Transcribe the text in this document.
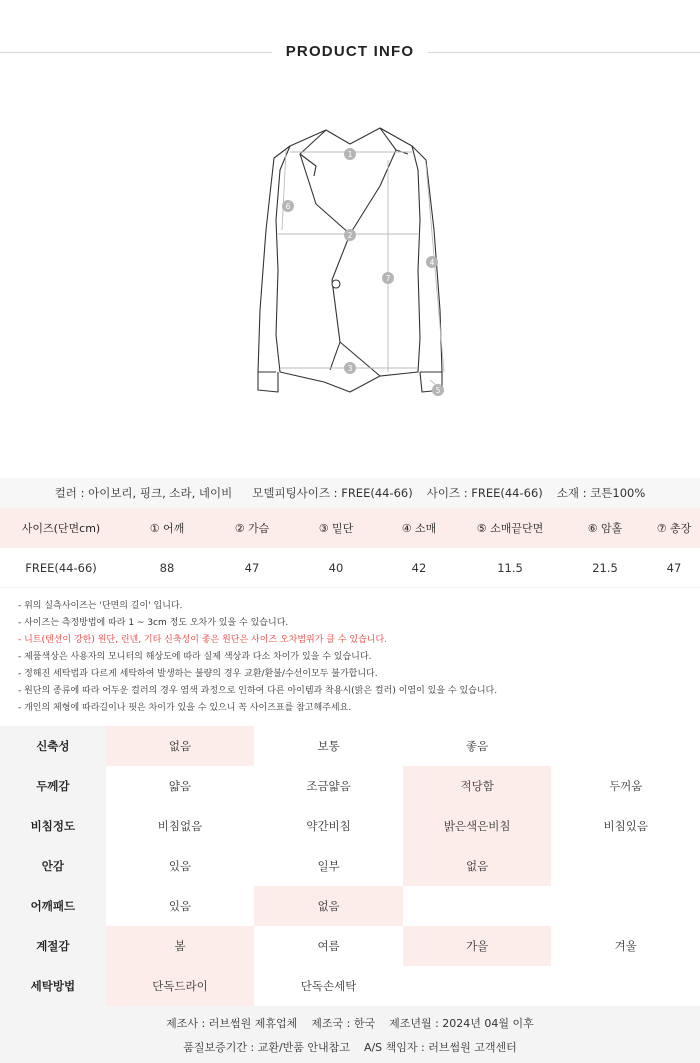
PRODUCT INFO
1
2
3
4
5
6
7
컬러 : 아이보리, 핑크, 소라, 네이비 모델피팅사이즈 : FREE(44-66) 사이즈 : FREE(44-66) 소재 : 코튼100%
사이즈(단면cm)	① 어깨	② 가슴	③ 밑단	④ 소매	⑤ 소매끝단면	⑥ 암홀	⑦ 총장
FREE(44-66)	88	47	40	42	11.5	21.5	47
- 위의 실측사이즈는 '단면의 길이' 입니다.
- 사이즈는 측정방법에 따라 1 ~ 3cm 정도 오차가 있을 수 있습니다.
- 니트(텐션이 강한) 원단, 린넨, 기타 신축성이 좋은 원단은 사이즈 오차범위가 클 수 있습니다.
- 제품색상은 사용자의 모니터의 해상도에 따라 실제 색상과 다소 차이가 있을 수 있습니다.
- 정해진 세탁법과 다르게 세탁하여 발생하는 불량의 경우 교환/환불/수선이모두 불가합니다.
- 원단의 종류에 따라 어두운 컬러의 경우 염색 과정으로 인하여 다른 아이템과 착용시(밝은 컬러) 이염이 있을 수 있습니다.
- 개인의 체형에 따라길이나 핏은 차이가 있을 수 있으니 꼭 사이즈표를 참고해주세요.
신축성	없음	보통	좋음
두께감	얇음	조금얇음	적당함	두꺼움
비침정도	비침없음	약간비침	밝은색은비침	비침있음
안감	있음	일부	없음
어깨패드	있음	없음
계절감	봄	여름	가을	겨울
세탁방법	단독드라이	단독손세탁
제조사 : 러브썸원 제휴업체 제조국 : 한국 제조년월 : 2024년 04월 이후
품질보증기간 : 교환/반품 안내참고 A/S 책임자 : 러브썸원 고객센터
